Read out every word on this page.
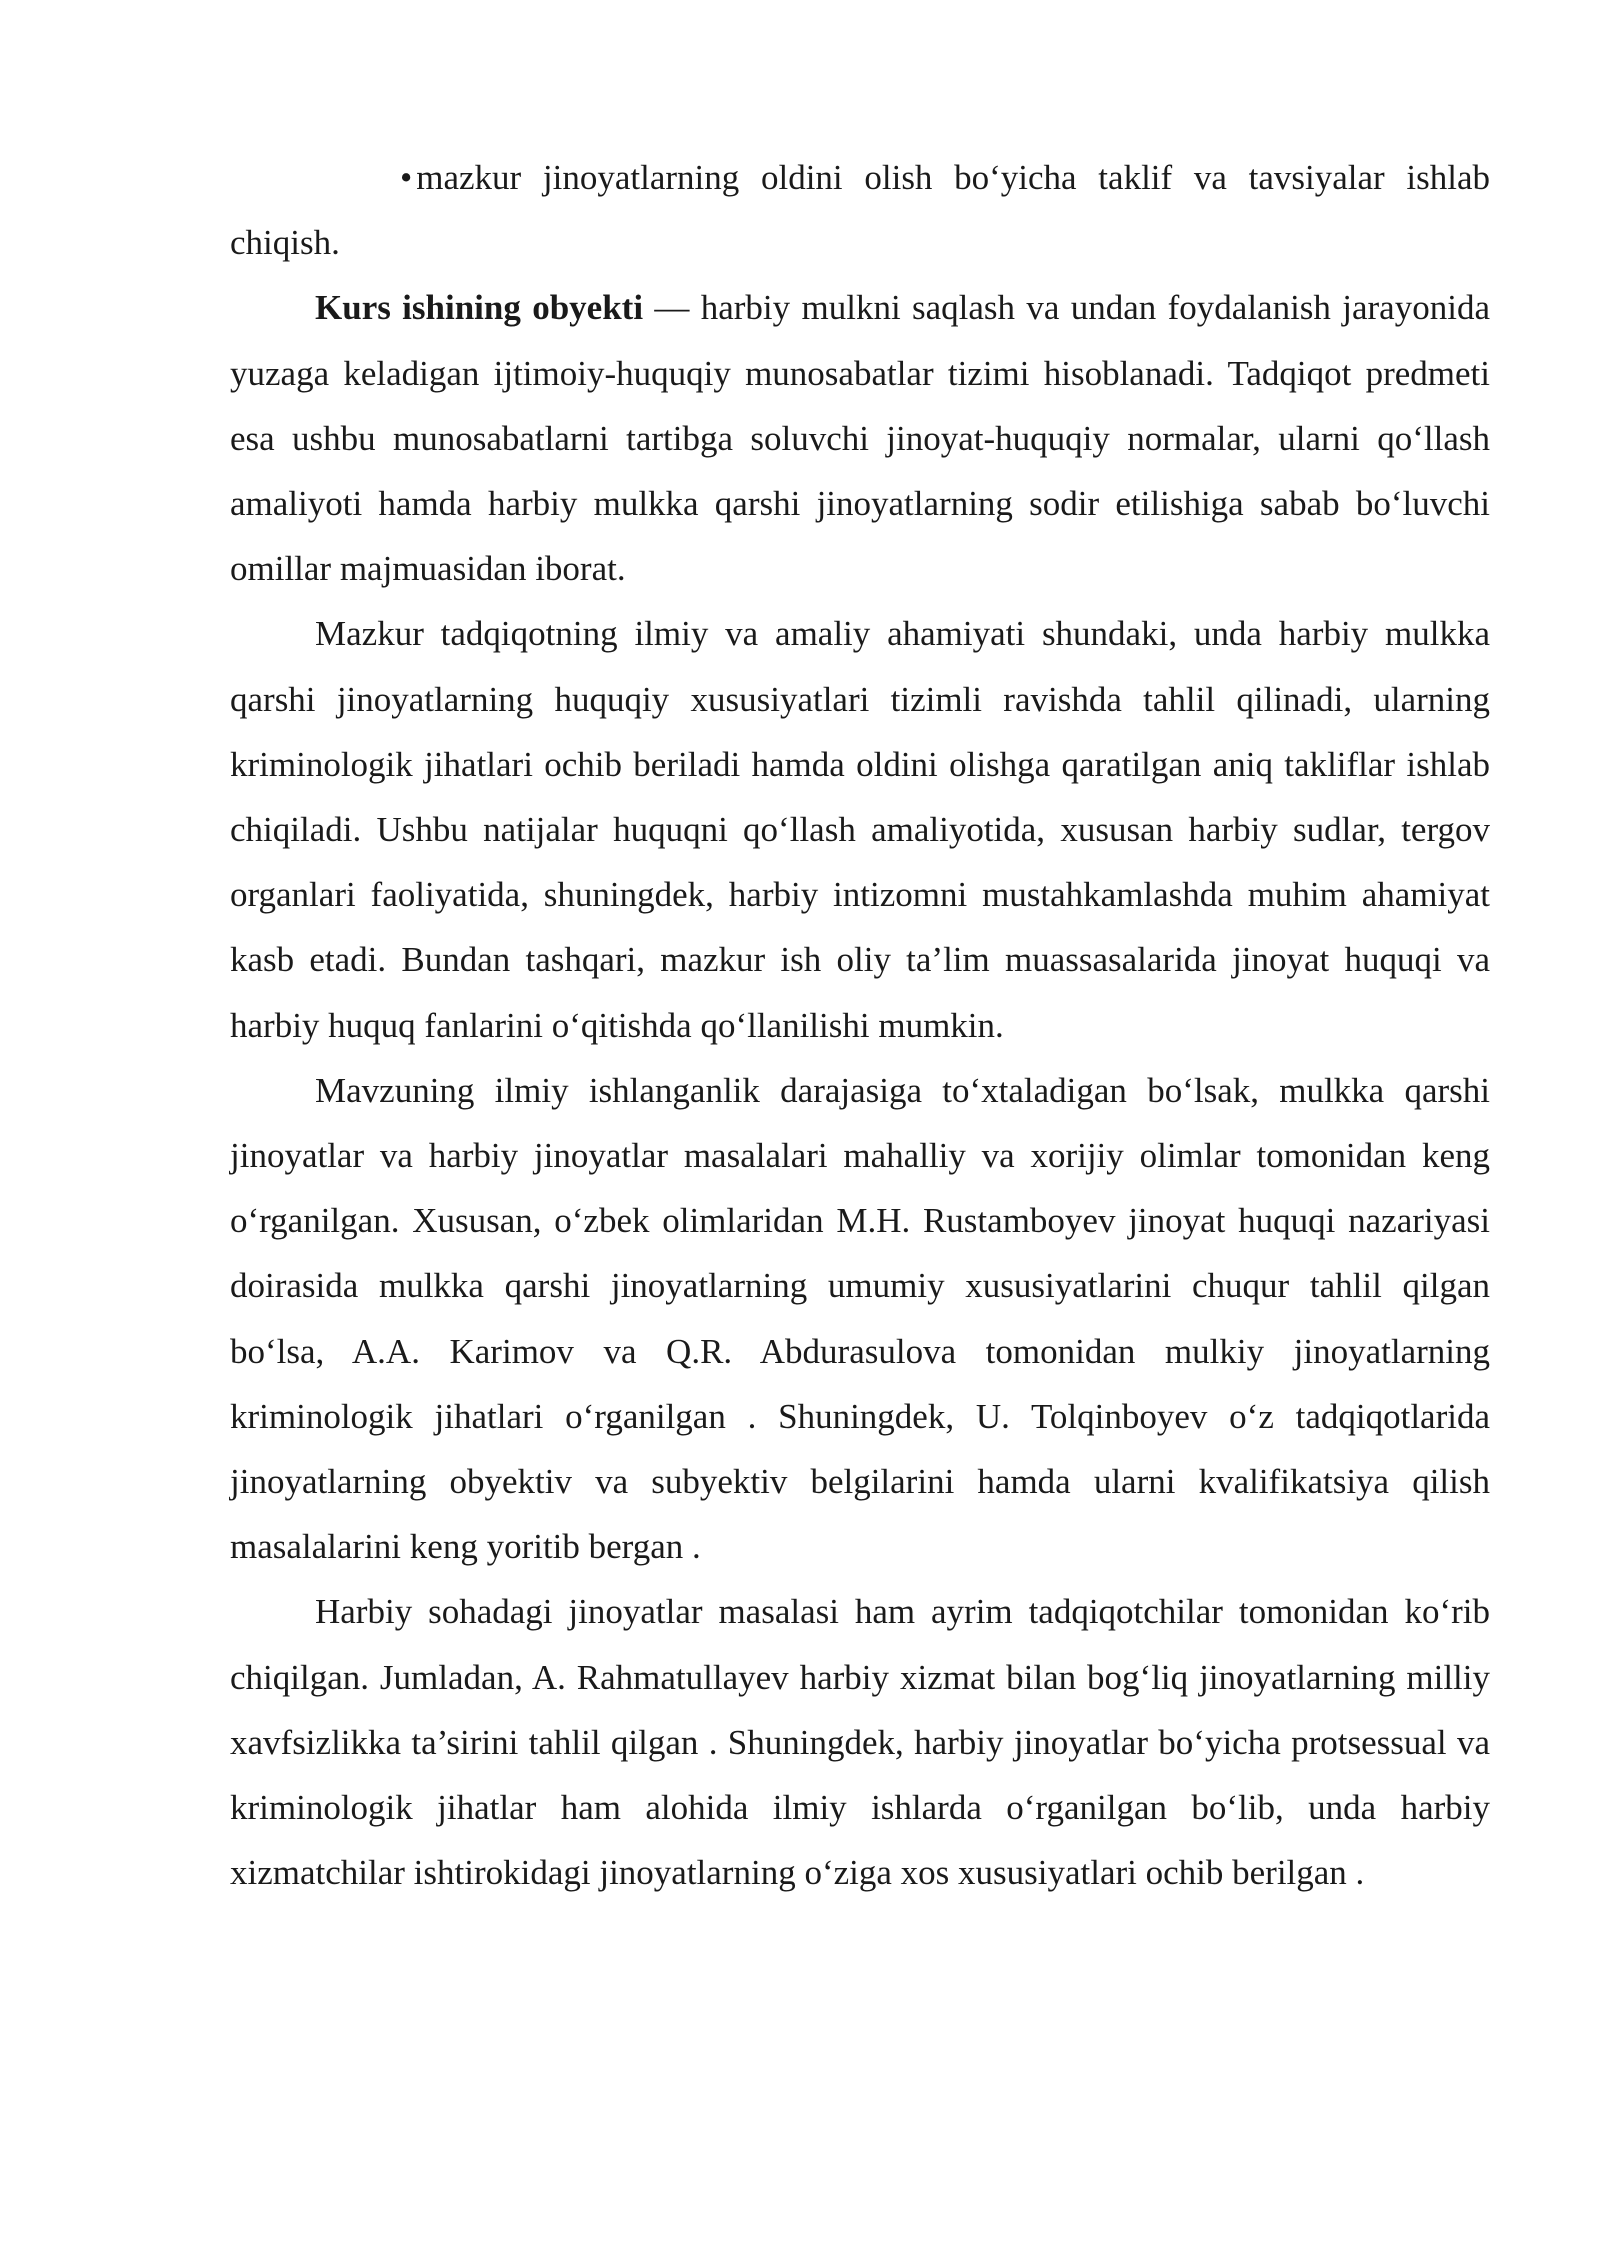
• mazkur jinoyatlarning oldini olish bo‘yicha taklif va tavsiyalar ishlab chiqish.

Kurs ishining obyekti — harbiy mulkni saqlash va undan foydalanish jarayonida yuzaga keladigan ijtimoiy-huquqiy munosabatlar tizimi hisoblanadi. Tadqiqot predmeti esa ushbu munosabatlarni tartibga soluvchi jinoyat-huquqiy normalar, ularni qo‘llash amaliyoti hamda harbiy mulkka qarshi jinoyatlarning sodir etilishiga sabab bo‘luvchi omillar majmuasidan iborat.

Mazkur tadqiqotning ilmiy va amaliy ahamiyati shundaki, unda harbiy mulkka qarshi jinoyatlarning huquqiy xususiyatlari tizimli ravishda tahlil qilinadi, ularning kriminologik jihatlari ochib beriladi hamda oldini olishga qaratilgan aniq takliflar ishlab chiqiladi. Ushbu natijalar huquqni qo‘llash amaliyotida, xususan harbiy sudlar, tergov organlari faoliyatida, shuningdek, harbiy intizomni mustahkamlashda muhim ahamiyat kasb etadi. Bundan tashqari, mazkur ish oliy ta’lim muassasalarida jinoyat huquqi va harbiy huquq fanlarini o‘qitishda qo‘llanilishi mumkin.

Mavzuning ilmiy ishlanganlik darajasiga to‘xtaladigan bo‘lsak, mulkka qarshi jinoyatlar va harbiy jinoyatlar masalalari mahalliy va xorijiy olimlar tomonidan keng o‘rganilgan. Xususan, o‘zbek olimlaridan M.H. Rustamboyev jinoyat huquqi nazariyasi doirasida mulkka qarshi jinoyatlarning umumiy xususiyatlarini chuqur tahlil qilgan bo‘lsa, A.A. Karimov va Q.R. Abdurasulova tomonidan mulkiy jinoyatlarning kriminologik jihatlari o‘rganilgan . Shuningdek, U. Tolqinboyev o‘z tadqiqotlarida jinoyatlarning obyektiv va subyektiv belgilarini hamda ularni kvalifikatsiya qilish masalalarini keng yoritib bergan .

Harbiy sohadagi jinoyatlar masalasi ham ayrim tadqiqotchilar tomonidan ko‘rib chiqilgan. Jumladan, A. Rahmatullayev harbiy xizmat bilan bog‘liq jinoyatlarning milliy xavfsizlikka ta’sirini tahlil qilgan . Shuningdek, harbiy jinoyatlar bo‘yicha protsessual va kriminologik jihatlar ham alohida ilmiy ishlarda o‘rganilgan bo‘lib, unda harbiy xizmatchilar ishtirokidagi jinoyatlarning o‘ziga xos xususiyatlari ochib berilgan .
